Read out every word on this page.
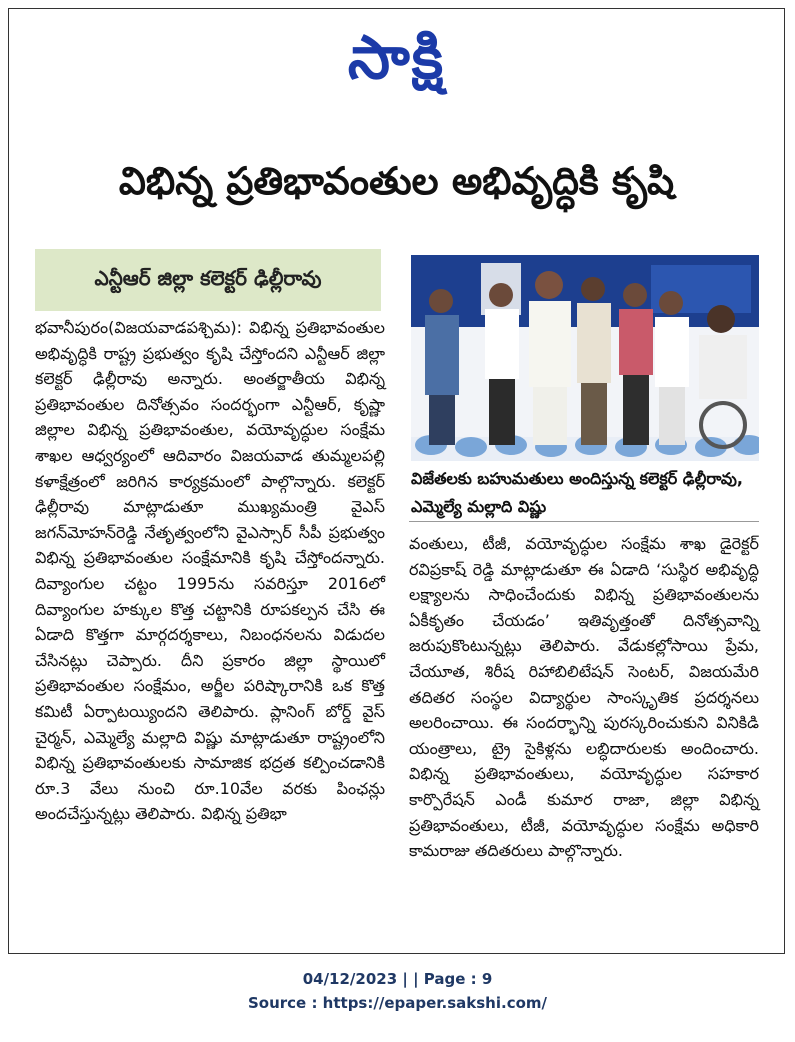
సాక్షి
విభిన్న ప్రతిభావంతుల అభివృద్ధికి కృషి
ఎన్టీఆర్ జిల్లా కలెక్టర్ ఢిల్లీరావు
భవానీపురం(విజయవాడపశ్చిమ): విభిన్న ప్రతిభావంతుల అభివృద్ధికి రాష్ట్ర ప్రభుత్వం కృషి చేస్తోందని ఎన్టీఆర్ జిల్లా కలెక్టర్ ఢిల్లీరావు అన్నారు. అంతర్జాతీయ విభిన్న ప్రతిభావంతుల దినోత్సవం సందర్భంగా ఎన్టీఆర్, కృష్ణా జిల్లాల విభిన్న ప్రతిభావంతుల, వయోవృద్ధుల సంక్షేమ శాఖల ఆధ్వర్యంలో ఆదివారం విజయవాడ తుమ్మలపల్లి కళాక్షేత్రంలో జరిగిన కార్యక్రమంలో పాల్గొన్నారు. కలెక్టర్ ఢిల్లీరావు మాట్లాడుతూ ముఖ్యమంత్రి వైఎస్ జగన్‌మోహన్‌రెడ్డి నేతృత్వంలోని వైఎస్సార్ సీపీ ప్రభుత్వం విభిన్న ప్రతిభావంతుల సంక్షేమానికి కృషి చేస్తోందన్నారు. దివ్యాంగుల చట్టం 1995ను సవరిస్తూ 2016లో దివ్యాంగుల హక్కుల కొత్త చట్టానికి రూపకల్పన చేసి ఈ ఏడాది కొత్తగా మార్గదర్శకాలు, నిబంధనలను విడుదల చేసినట్లు చెప్పారు. దీని ప్రకారం జిల్లా స్థాయిలో ప్రతిభావంతుల సంక్షేమం, అర్జీల పరిష్కారానికి ఒక కొత్త కమిటీ ఏర్పాటయ్యిందని తెలిపారు. ప్లానింగ్ బోర్డ్ వైస్ చైర్మన్, ఎమ్మెల్యే మల్లాది విష్ణు మాట్లాడుతూ రాష్ట్రంలోని విభిన్న ప్రతిభావంతులకు సామాజిక భద్రత కల్పించడానికి రూ.3 వేలు నుంచి రూ.10వేల వరకు పింఛన్లు అందచేస్తున్నట్లు తెలిపారు. విభిన్న ప్రతిభా
విజేతలకు బహుమతులు అందిస్తున్న కలెక్టర్ ఢిల్లీరావు, ఎమ్మెల్యే మల్లాది విష్ణు
వంతులు, టీజీ, వయోవృద్ధుల సంక్షేమ శాఖ డైరెక్టర్ రవిప్రకాష్ రెడ్డి మాట్లాడుతూ ఈ ఏడాది ‘సుస్థిర అభివృద్ధి లక్ష్యాలను సాధించేందుకు విభిన్న ప్రతిభావంతులను ఏకీకృతం చేయడం’ ఇతివృత్తంతో దినోత్సవాన్ని జరుపుకొంటున్నట్లు తెలిపారు. వేడుకల్లోసాయి ప్రేమ, చేయూత, శిరీష రిహాబిలిటేషన్ సెంటర్, విజయమేరి తదితర సంస్థల విద్యార్థుల సాంస్కృతిక ప్రదర్శనలు అలరించాయి. ఈ సందర్భాన్ని పురస్కరించుకుని వినికిడి యంత్రాలు, ట్రై సైకిళ్లను లబ్ధిదారులకు అందించారు. విభిన్న ప్రతిభావంతులు, వయోవృద్ధుల సహకార కార్పొరేషన్ ఎండీ కుమార రాజా, జిల్లా విభిన్న ప్రతిభావంతులు, టీజీ, వయోవృద్ధుల సంక్షేమ అధికారి కామరాజు తదితరులు పాల్గొన్నారు.
04/12/2023 | | Page : 9
Source : https://epaper.sakshi.com/
